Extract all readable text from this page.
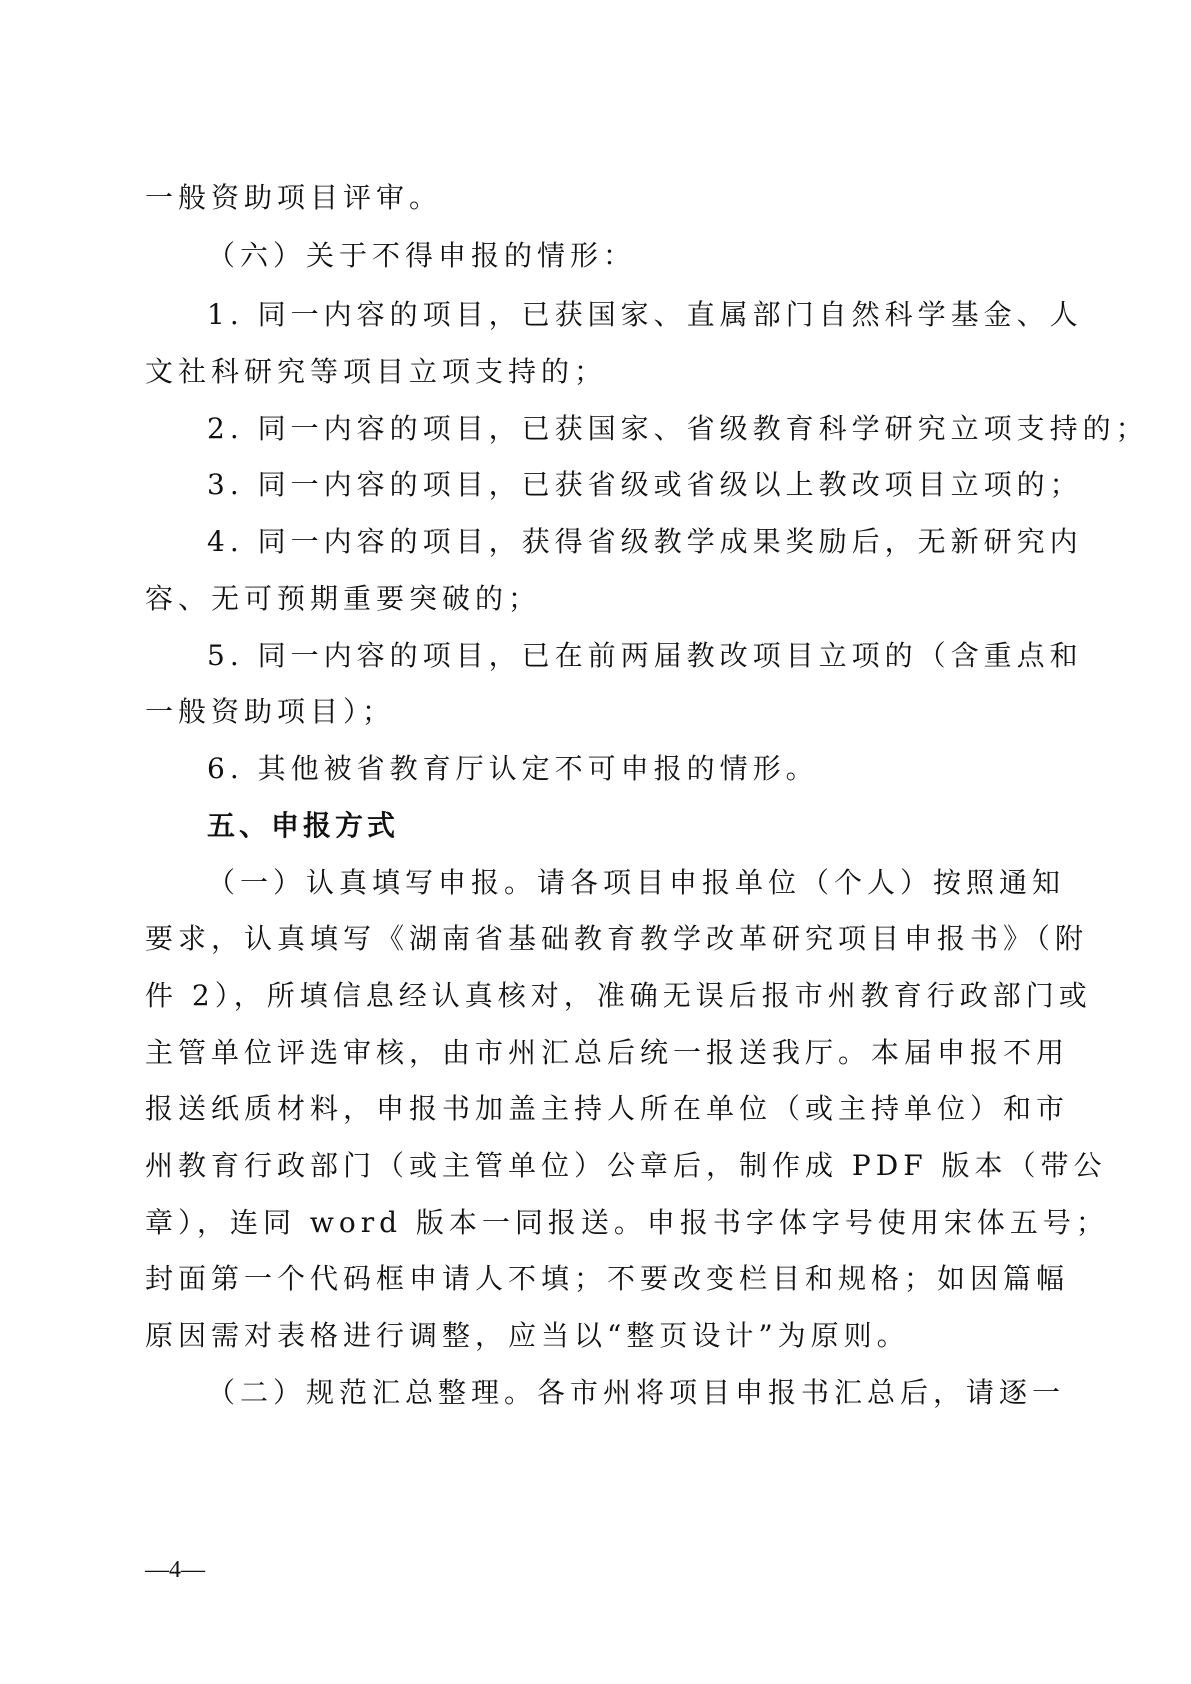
一般资助项目评审。
（六）关于不得申报的情形：
1. 同一内容的项目，已获国家、直属部门自然科学基金、人
文社科研究等项目立项支持的；
2. 同一内容的项目，已获国家、省级教育科学研究立项支持的；
3. 同一内容的项目，已获省级或省级以上教改项目立项的；
4. 同一内容的项目，获得省级教学成果奖励后，无新研究内
容、无可预期重要突破的；
5. 同一内容的项目，已在前两届教改项目立项的（含重点和
一般资助项目）；
6. 其他被省教育厅认定不可申报的情形。
五、申报方式
（一）认真填写申报。请各项目申报单位（个人）按照通知
要求，认真填写《湖南省基础教育教学改革研究项目申报书》（附
件 2），所填信息经认真核对，准确无误后报市州教育行政部门或
主管单位评选审核，由市州汇总后统一报送我厅。本届申报不用
报送纸质材料，申报书加盖主持人所在单位（或主持单位）和市
州教育行政部门（或主管单位）公章后，制作成 PDF 版本（带公
章），连同 word 版本一同报送。申报书字体字号使用宋体五号；
封面第一个代码框申请人不填；不要改变栏目和规格；如因篇幅
原因需对表格进行调整，应当以“整页设计”为原则。
（二）规范汇总整理。各市州将项目申报书汇总后，请逐一
—4—
